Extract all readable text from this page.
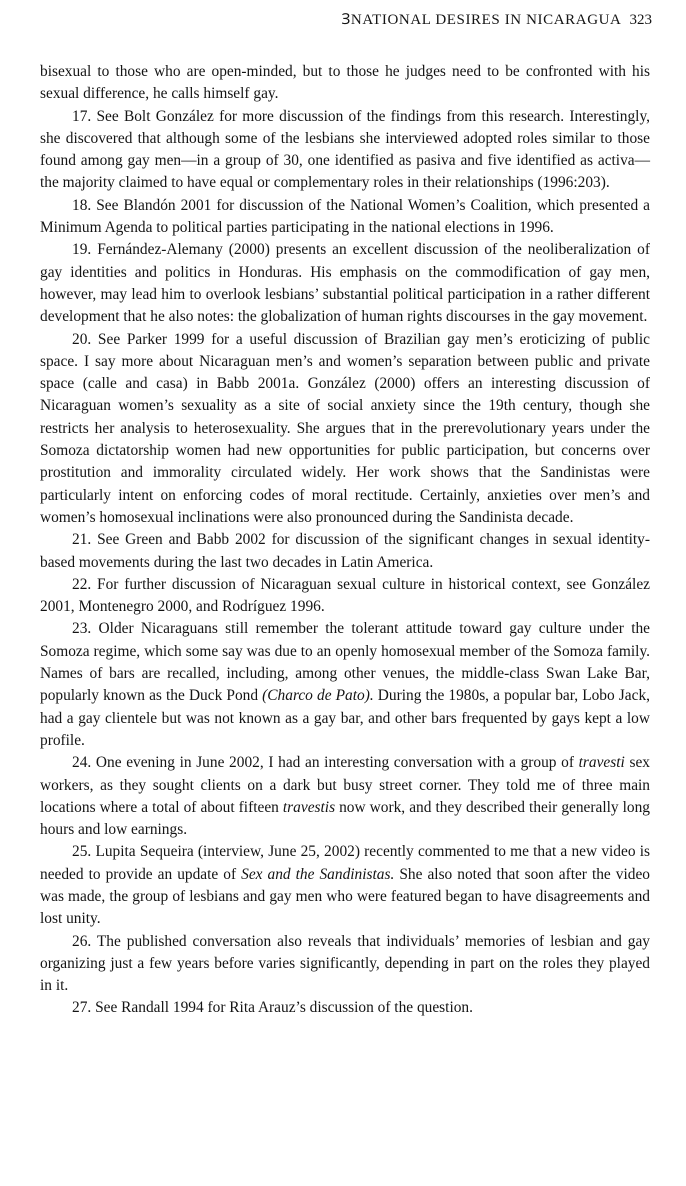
ꞫNATIONAL DESIRES IN NICARAGUA 323

bisexual to those who are open-minded, but to those he judges need to be confronted with his sexual difference, he calls himself gay.

17. See Bolt González for more discussion of the findings from this research. Interestingly, she discovered that although some of the lesbians she interviewed adopted roles similar to those found among gay men—in a group of 30, one identified as pasiva and five identified as activa—the majority claimed to have equal or complementary roles in their relationships (1996:203).

18. See Blandón 2001 for discussion of the National Women’s Coalition, which presented a Minimum Agenda to political parties participating in the national elections in 1996.

19. Fernández-Alemany (2000) presents an excellent discussion of the neoliberalization of gay identities and politics in Honduras. His emphasis on the commodification of gay men, however, may lead him to overlook lesbians’ substantial political participation in a rather different development that he also notes: the globalization of human rights discourses in the gay movement.

20. See Parker 1999 for a useful discussion of Brazilian gay men’s eroticizing of public space. I say more about Nicaraguan men’s and women’s separation between public and private space (calle and casa) in Babb 2001a. González (2000) offers an interesting discussion of Nicaraguan women’s sexuality as a site of social anxiety since the 19th century, though she restricts her analysis to heterosexuality. She argues that in the prerevolutionary years under the Somoza dictatorship women had new opportunities for public participation, but concerns over prostitution and immorality circulated widely. Her work shows that the Sandinistas were particularly intent on enforcing codes of moral rectitude. Certainly, anxieties over men’s and women’s homosexual inclinations were also pronounced during the Sandinista decade.

21. See Green and Babb 2002 for discussion of the significant changes in sexual identity-based movements during the last two decades in Latin America.

22. For further discussion of Nicaraguan sexual culture in historical context, see González 2001, Montenegro 2000, and Rodríguez 1996.

23. Older Nicaraguans still remember the tolerant attitude toward gay culture under the Somoza regime, which some say was due to an openly homosexual member of the Somoza family. Names of bars are recalled, including, among other venues, the middle-class Swan Lake Bar, popularly known as the Duck Pond (Charco de Pato). During the 1980s, a popular bar, Lobo Jack, had a gay clientele but was not known as a gay bar, and other bars frequented by gays kept a low profile.

24. One evening in June 2002, I had an interesting conversation with a group of travesti sex workers, as they sought clients on a dark but busy street corner. They told me of three main locations where a total of about fifteen travestis now work, and they described their generally long hours and low earnings.

25. Lupita Sequeira (interview, June 25, 2002) recently commented to me that a new video is needed to provide an update of Sex and the Sandinistas. She also noted that soon after the video was made, the group of lesbians and gay men who were featured began to have disagreements and lost unity.

26. The published conversation also reveals that individuals’ memories of lesbian and gay organizing just a few years before varies significantly, depending in part on the roles they played in it.

27. See Randall 1994 for Rita Arauz’s discussion of the question.
